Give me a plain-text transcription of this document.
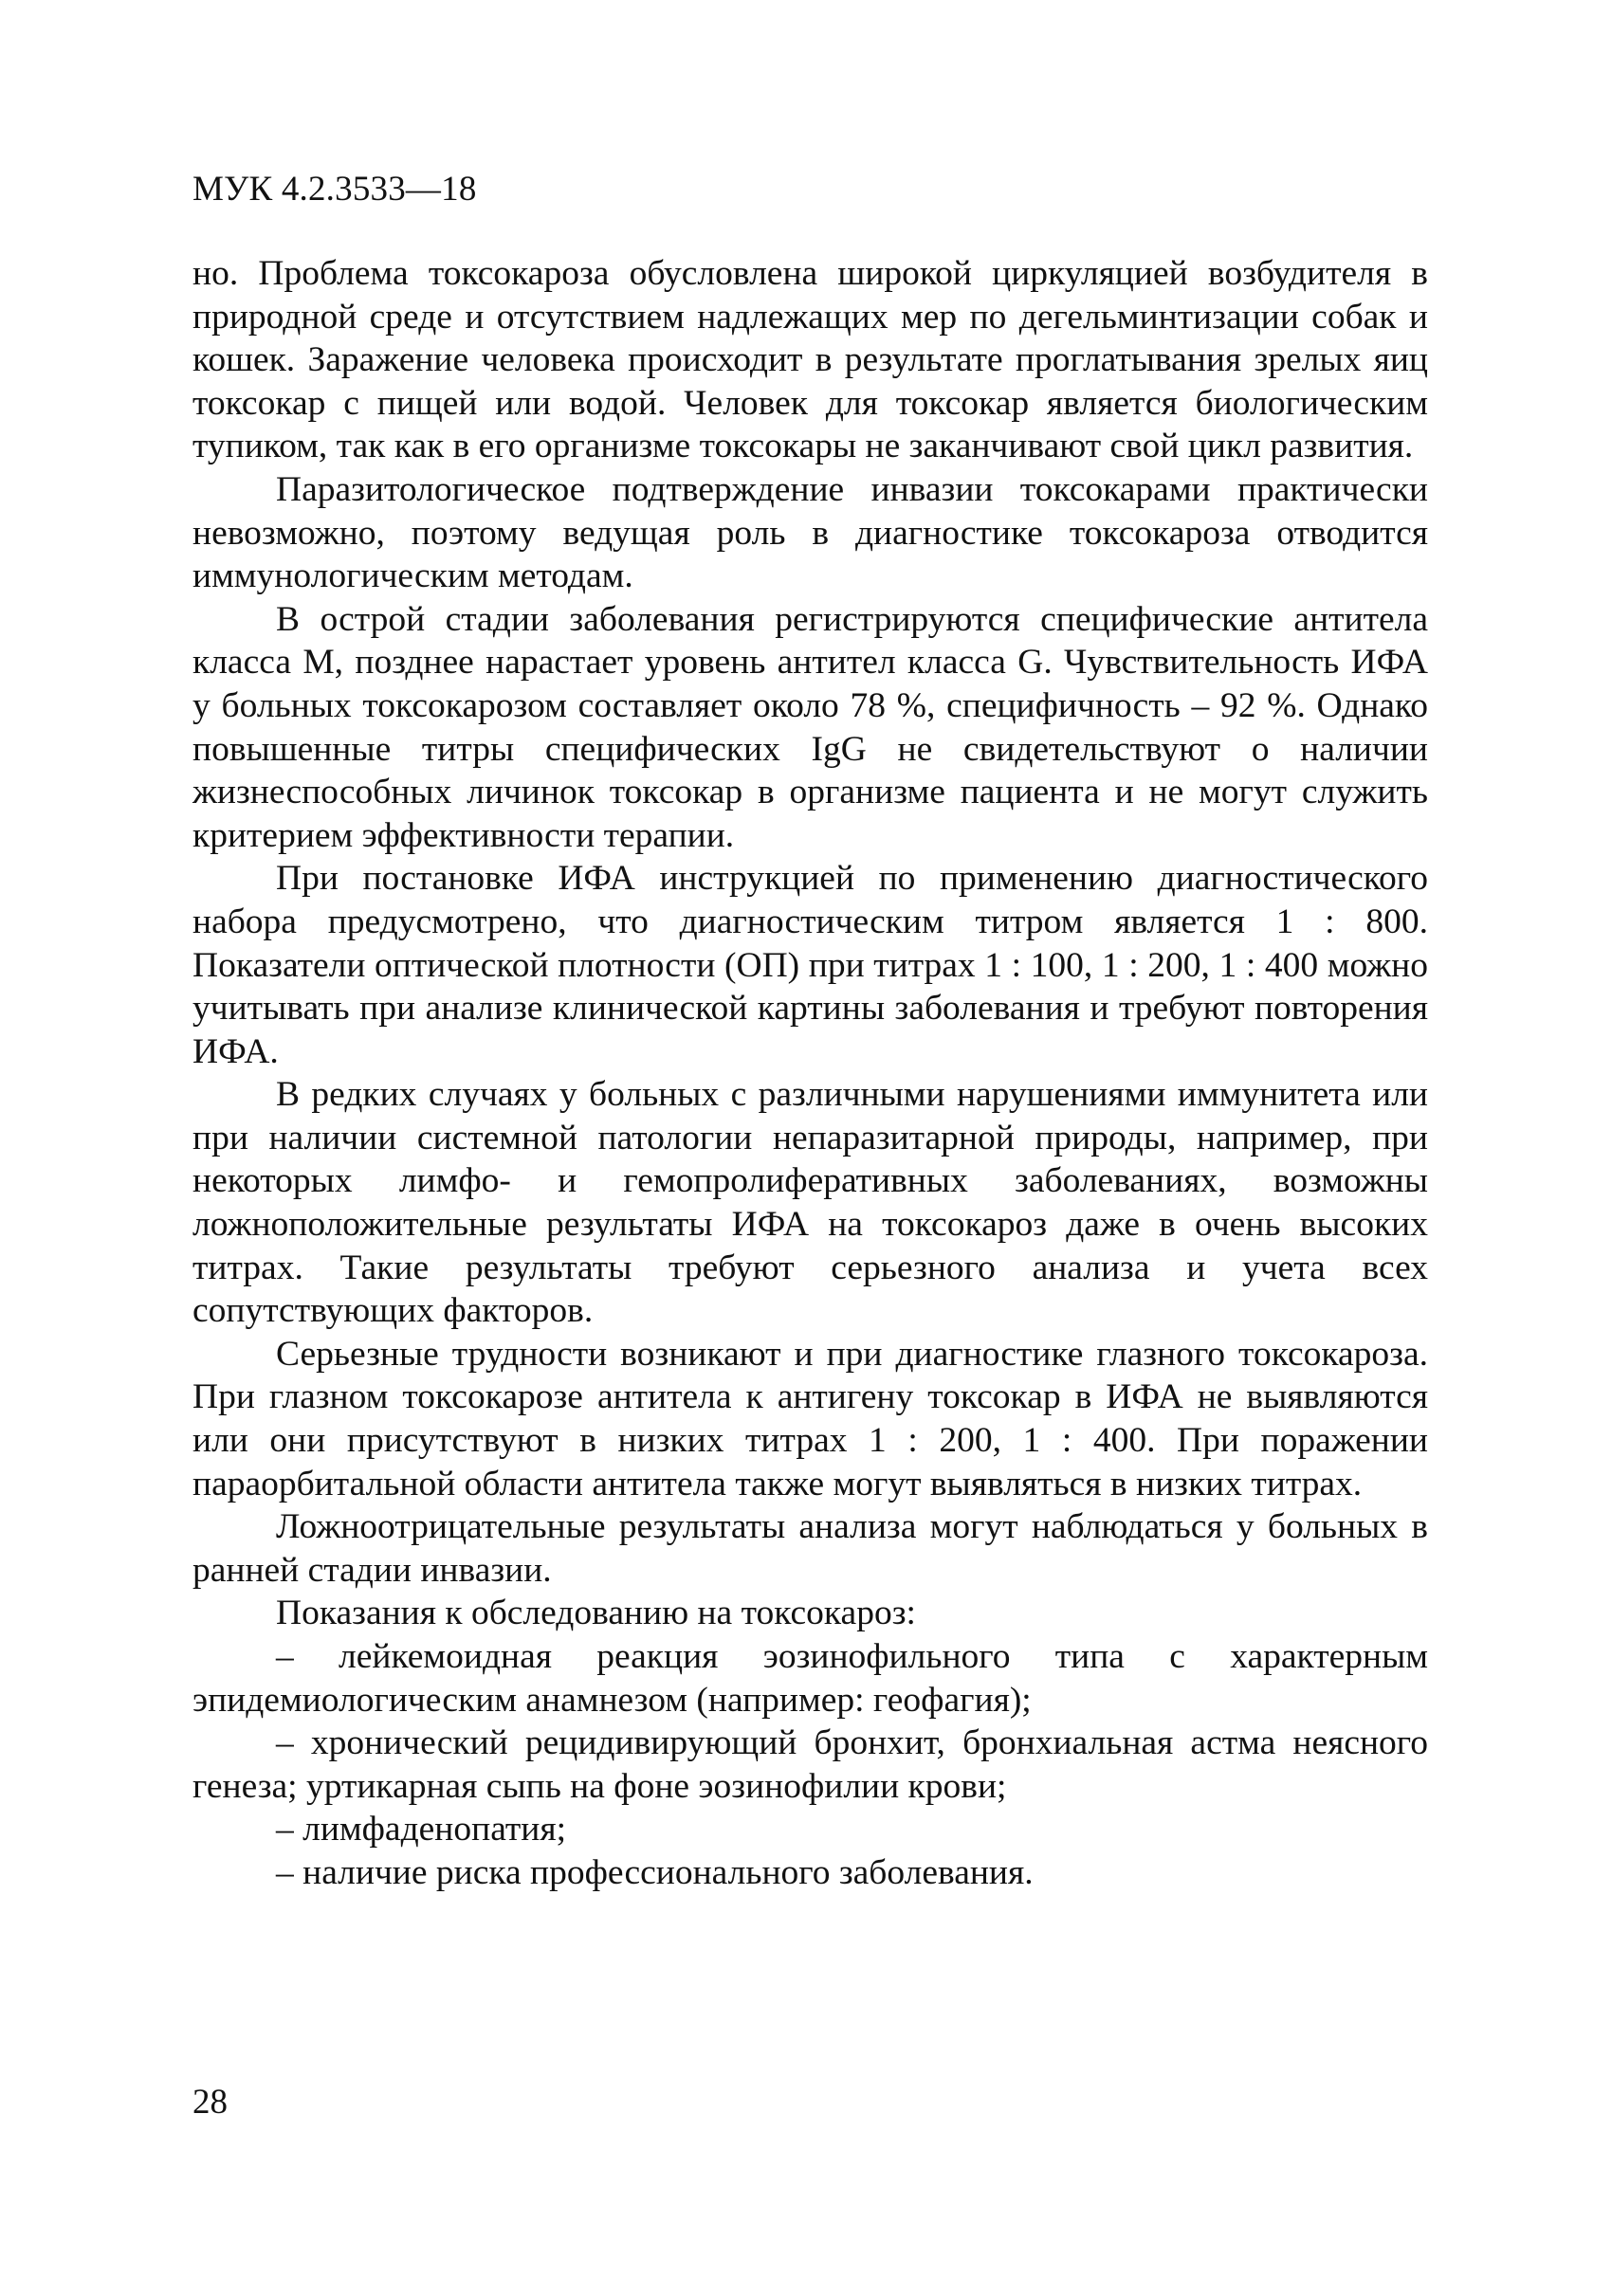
МУК 4.2.3533—18

но. Проблема токсокароза обусловлена широкой циркуляцией возбудителя в природной среде и отсутствием надлежащих мер по дегельминтизации собак и кошек. Заражение человека происходит в результате проглатывания зрелых яиц токсокар с пищей или водой. Человек для токсокар является биологическим тупиком, так как в его организме токсокары не заканчивают свой цикл развития.

Паразитологическое подтверждение инвазии токсокарами практически невозможно, поэтому ведущая роль в диагностике токсокароза отводится иммунологическим методам.

В острой стадии заболевания регистрируются специфические антитела класса M, позднее нарастает уровень антител класса G. Чувствительность ИФА у больных токсокарозом составляет около 78 %, специфичность – 92 %. Однако повышенные титры специфических IgG не свидетельствуют о наличии жизнеспособных личинок токсокар в организме пациента и не могут служить критерием эффективности терапии.

При постановке ИФА инструкцией по применению диагностического набора предусмотрено, что диагностическим титром является 1 : 800. Показатели оптической плотности (ОП) при титрах 1 : 100, 1 : 200, 1 : 400 можно учитывать при анализе клинической картины заболевания и требуют повторения ИФА.

В редких случаях у больных с различными нарушениями иммунитета или при наличии системной патологии непаразитарной природы, например, при некоторых лимфо- и гемопролиферативных заболеваниях, возможны ложноположительные результаты ИФА на токсокароз даже в очень высоких титрах. Такие результаты требуют серьезного анализа и учета всех сопутствующих факторов.

Серьезные трудности возникают и при диагностике глазного токсокароза. При глазном токсокарозе антитела к антигену токсокар в ИФА не выявляются или они присутствуют в низких титрах 1 : 200, 1 : 400. При поражении параорбитальной области антитела также могут выявляться в низких титрах.

Ложноотрицательные результаты анализа могут наблюдаться у больных в ранней стадии инвазии.

Показания к обследованию на токсокароз:

– лейкемоидная реакция эозинофильного типа с характерным эпидемиологическим анамнезом (например: геофагия);

– хронический рецидивирующий бронхит, бронхиальная астма неясного генеза; уртикарная сыпь на фоне эозинофилии крови;

– лимфаденопатия;

– наличие риска профессионального заболевания.

28
